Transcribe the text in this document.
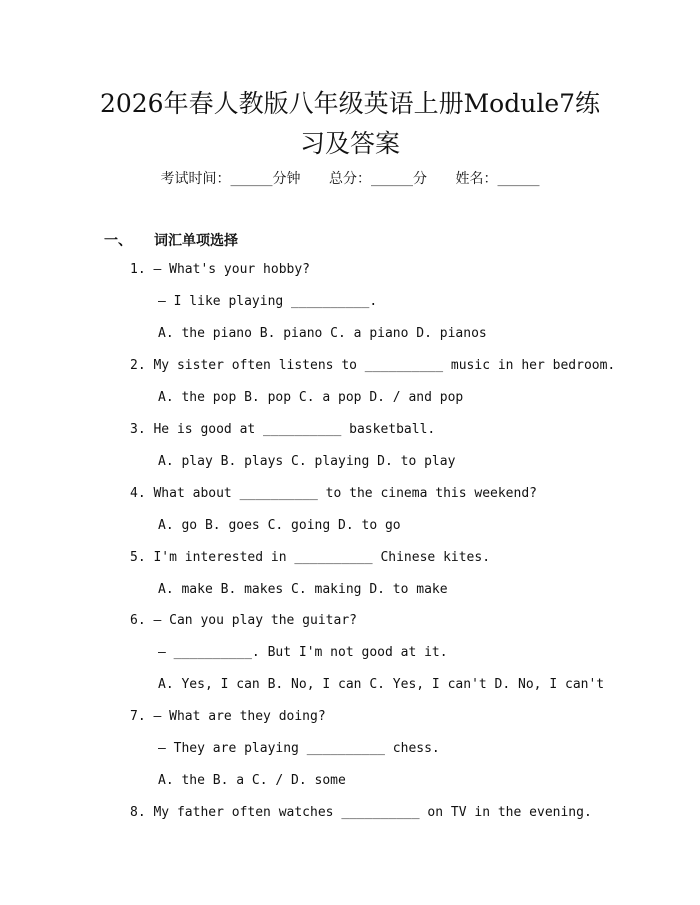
2026年春人教版八年级英语上册Module7练
习及答案
考试时间：______分钟 总分：______分 姓名：______
一、 词汇单项选择
1. — What's your hobby?
— I like playing __________.
A. the piano B. piano C. a piano D. pianos
2. My sister often listens to __________ music in her bedroom.
A. the pop B. pop C. a pop D. / and pop
3. He is good at __________ basketball.
A. play B. plays C. playing D. to play
4. What about __________ to the cinema this weekend?
A. go B. goes C. going D. to go
5. I'm interested in __________ Chinese kites.
A. make B. makes C. making D. to make
6. — Can you play the guitar?
— __________. But I'm not good at it.
A. Yes, I can B. No, I can C. Yes, I can't D. No, I can't
7. — What are they doing?
— They are playing __________ chess.
A. the B. a C. / D. some
8. My father often watches __________ on TV in the evening.
